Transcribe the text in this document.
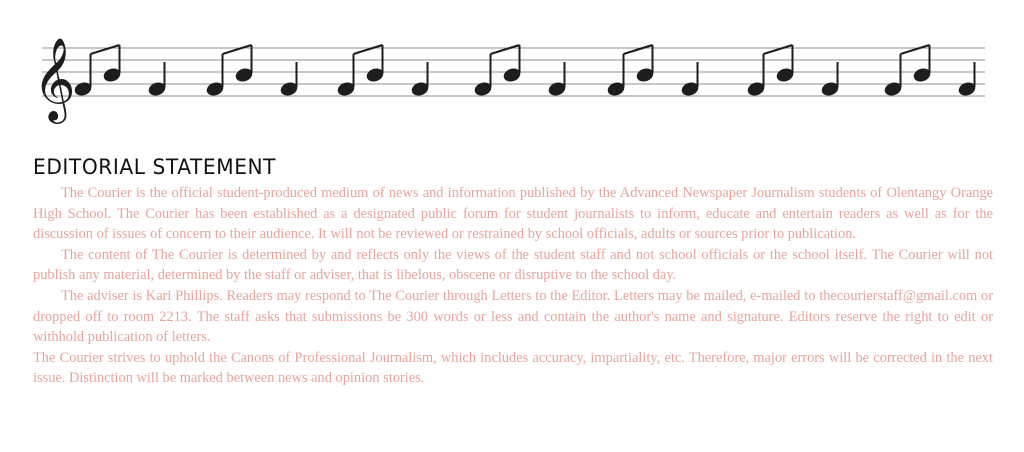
𝄞
EDITORIAL STATEMENT

The Courier is the official student-produced medium of news and information published by the Advanced Newspaper Journalism students of Olentangy Orange High School. The Courier has been established as a designated public forum for student journalists to inform, educate and entertain readers as well as for the discussion of issues of concern to their audience. It will not be reviewed or restrained by school officials, adults or sources prior to publication.

The content of The Courier is determined by and reflects only the views of the student staff and not school officials or the school itself. The Courier will not publish any material, determined by the staff or adviser, that is libelous, obscene or disruptive to the school day.

The adviser is Kari Phillips. Readers may respond to The Courier through Letters to the Editor. Letters may be mailed, e-mailed to thecourierstaff@gmail.com or dropped off to room 2213. The staff asks that submissions be 300 words or less and contain the author's name and signature. Editors reserve the right to edit or withhold publication of letters.

The Courier strives to uphold the Canons of Professional Journalism, which includes accuracy, impartiality, etc. Therefore, major errors will be corrected in the next issue. Distinction will be marked between news and opinion stories.
